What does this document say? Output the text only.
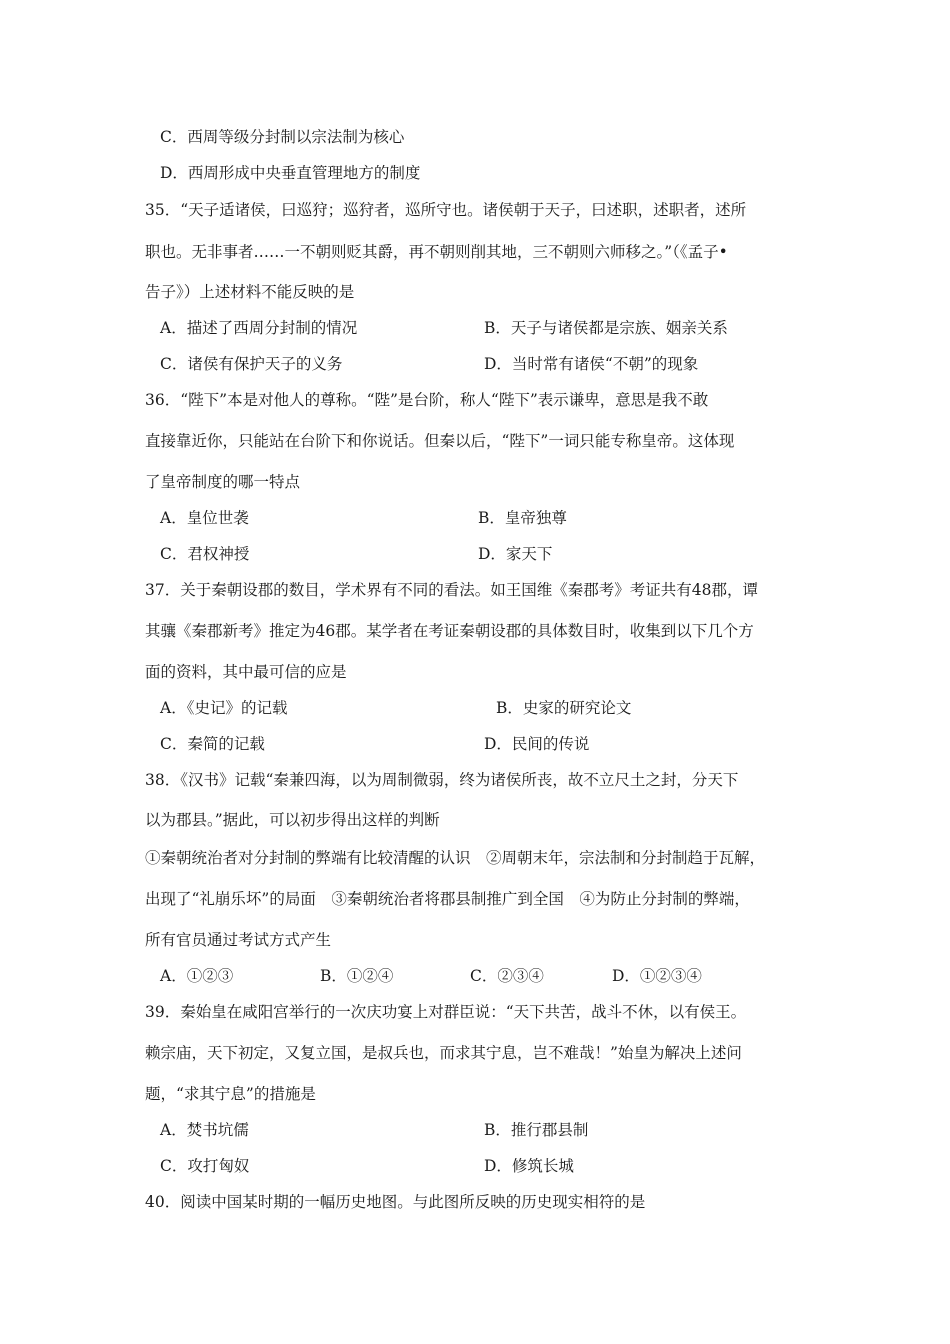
C．西周等级分封制以宗法制为核心
D．西周形成中央垂直管理地方的制度
35．“天子适诸侯，曰巡狩；巡狩者，巡所守也。诸侯朝于天子，曰述职，述职者，述所
职也。无非事者……一不朝则贬其爵，再不朝则削其地，三不朝则六师移之。”（《孟子•
告子》）上述材料不能反映的是
A．描述了西周分封制的情况	B．天子与诸侯都是宗族、姻亲关系
C．诸侯有保护天子的义务	D．当时常有诸侯“不朝”的现象
36．“陛下”本是对他人的尊称。“陛”是台阶，称人“陛下”表示谦卑，意思是我不敢
直接靠近你，只能站在台阶下和你说话。但秦以后，“陛下”一词只能专称皇帝。这体现
了皇帝制度的哪一特点
A．皇位世袭	B．皇帝独尊
C．君权神授	D．家天下
37．关于秦朝设郡的数目，学术界有不同的看法。如王国维《秦郡考》考证共有48郡，谭
其骧《秦郡新考》推定为46郡。某学者在考证秦朝设郡的具体数目时，收集到以下几个方
面的资料，其中最可信的应是
A．《史记》的记载	B．史家的研究论文
C．秦简的记载	D．民间的传说
38．《汉书》记载“秦兼四海，以为周制微弱，终为诸侯所丧，故不立尺土之封，分天下
以为郡县。”据此，可以初步得出这样的判断
①秦朝统治者对分封制的弊端有比较清醒的认识　②周朝末年，宗法制和分封制趋于瓦解，
出现了“礼崩乐坏”的局面　③秦朝统治者将郡县制推广到全国　④为防止分封制的弊端，
所有官员通过考试方式产生
A．①②③	B．①②④	C．②③④	D．①②③④
39．秦始皇在咸阳宫举行的一次庆功宴上对群臣说：“天下共苦，战斗不休，以有侯王。
赖宗庙，天下初定，又复立国，是叔兵也，而求其宁息，岂不难哉！”始皇为解决上述问
题，“求其宁息”的措施是
A．焚书坑儒	B．推行郡县制
C．攻打匈奴	D．修筑长城
40．阅读中国某时期的一幅历史地图。与此图所反映的历史现实相符的是
